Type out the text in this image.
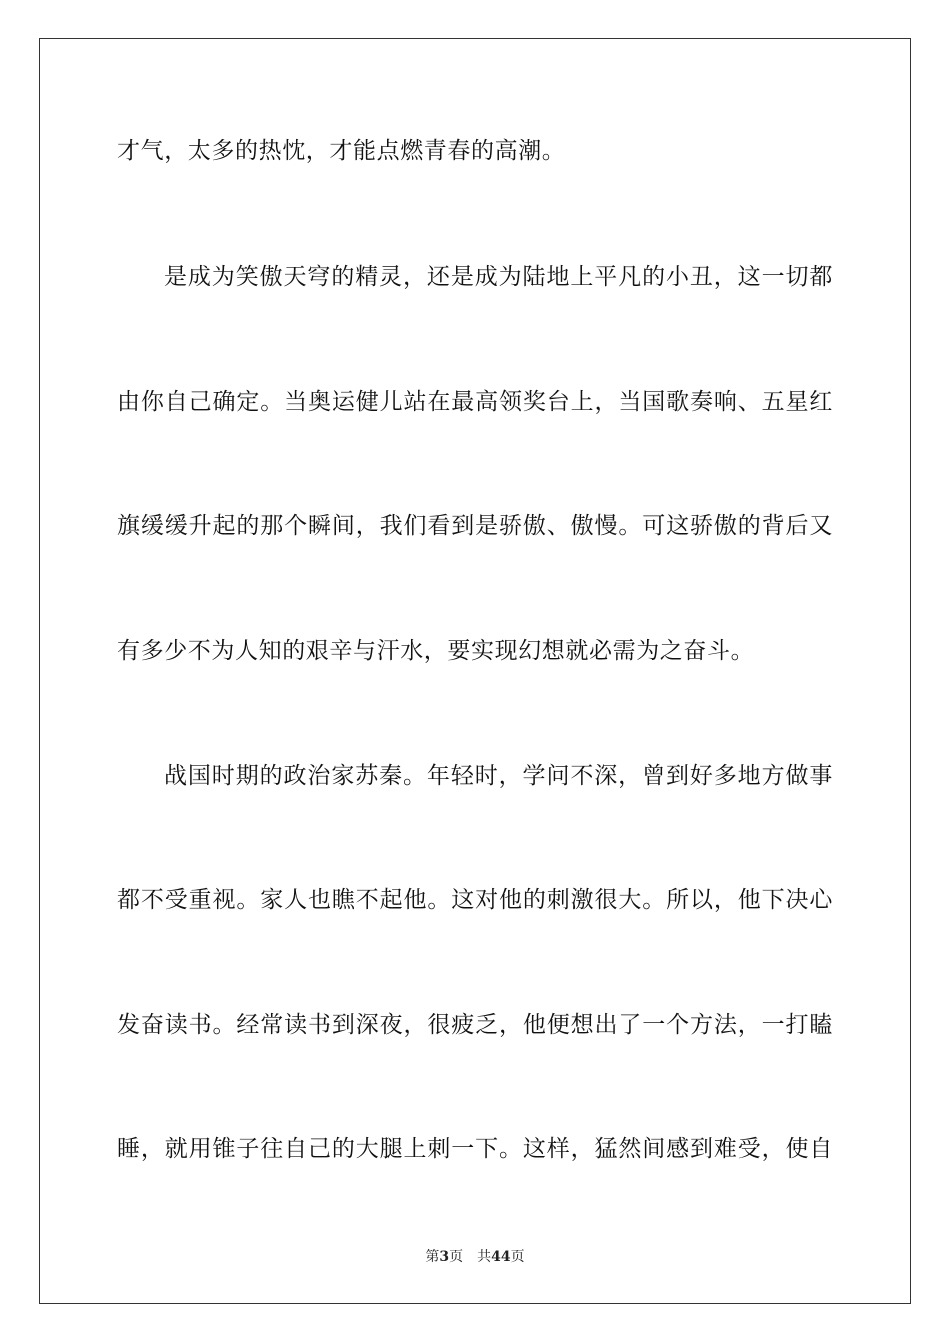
才气，太多的热忱，才能点燃青春的高潮。
是成为笑傲天穹的精灵，还是成为陆地上平凡的小丑，这一切都
由你自己确定。当奥运健儿站在最高领奖台上，当国歌奏响、五星红
旗缓缓升起的那个瞬间，我们看到是骄傲、傲慢。可这骄傲的背后又
有多少不为人知的艰辛与汗水，要实现幻想就必需为之奋斗。
战国时期的政治家苏秦。年轻时，学问不深，曾到好多地方做事
都不受重视。家人也瞧不起他。这对他的刺激很大。所以，他下决心
发奋读书。经常读书到深夜，很疲乏，他便想出了一个方法，一打瞌
睡，就用锥子往自己的大腿上刺一下。这样，猛然间感到难受，使自
第3页 共44页
